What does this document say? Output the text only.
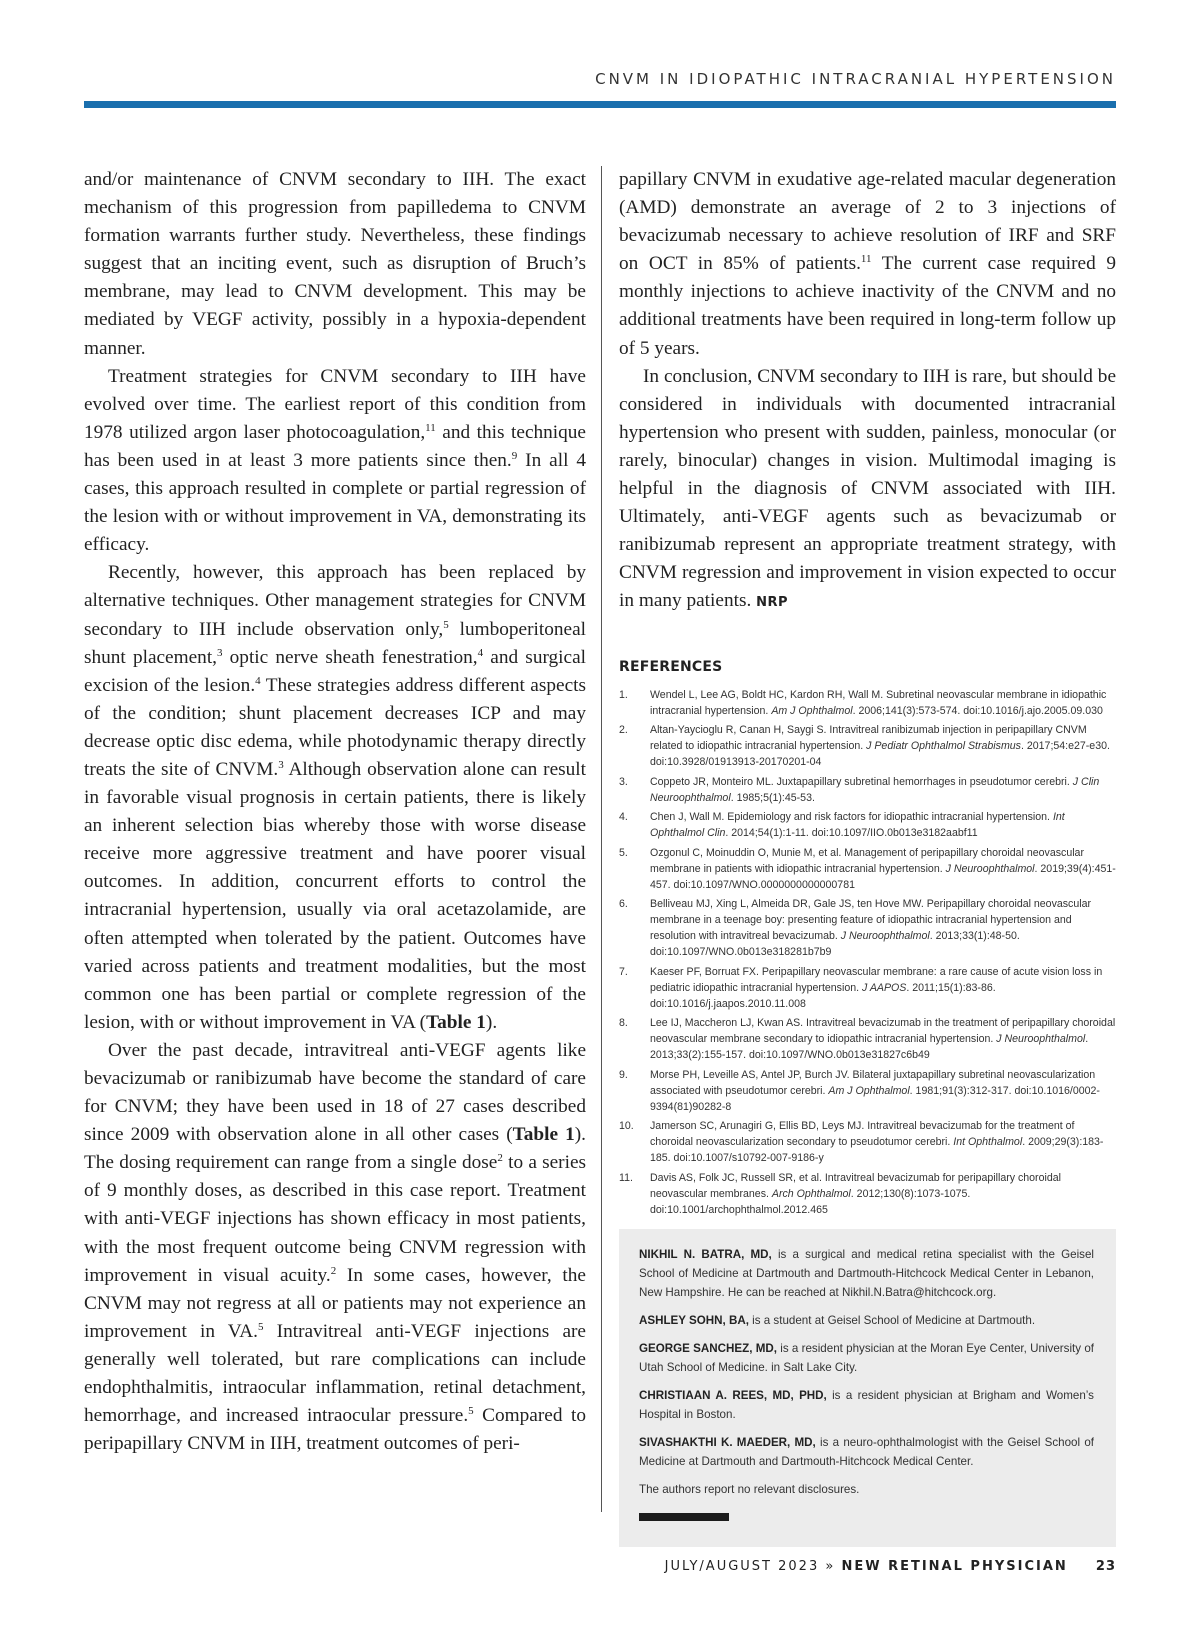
CNVM IN IDIOPATHIC INTRACRANIAL HYPERTENSION

and/or maintenance of CNVM secondary to IIH. The exact mechanism of this progression from papilledema to CNVM formation warrants further study. Nevertheless, these findings suggest that an inciting event, such as disruption of Bruch’s membrane, may lead to CNVM development. This may be mediated by VEGF activity, possibly in a hypoxia-dependent manner.

Treatment strategies for CNVM secondary to IIH have evolved over time. The earliest report of this condition from 1978 utilized argon laser photocoagulation,$^{11}$ and this technique has been used in at least 3 more patients since then.$^9$ In all 4 cases, this approach resulted in complete or partial regression of the lesion with or without improvement in VA, demonstrating its efficacy.

Recently, however, this approach has been replaced by alternative techniques. Other management strategies for CNVM secondary to IIH include observation only,$^5$ lumboperitoneal shunt placement,$^3$ optic nerve sheath fenestration,$^4$ and surgical excision of the lesion.$^4$ These strategies address different aspects of the condition; shunt placement decreases ICP and may decrease optic disc edema, while photodynamic therapy directly treats the site of CNVM.$^3$ Although observation alone can result in favorable visual prognosis in certain patients, there is likely an inherent selection bias whereby those with worse disease receive more aggressive treatment and have poorer visual outcomes. In addition, concurrent efforts to control the intracranial hypertension, usually via oral acetazolamide, are often attempted when tolerated by the patient. Outcomes have varied across patients and treatment modalities, but the most common one has been partial or complete regression of the lesion, with or without improvement in VA (Table 1).

Over the past decade, intravitreal anti-VEGF agents like bevacizumab or ranibizumab have become the standard of care for CNVM; they have been used in 18 of 27 cases described since 2009 with observation alone in all other cases (Table 1). The dosing requirement can range from a single dose$^2$ to a series of 9 monthly doses, as described in this case report. Treatment with anti-VEGF injections has shown efficacy in most patients, with the most frequent outcome being CNVM regression with improvement in visual acuity.$^2$ In some cases, however, the CNVM may not regress at all or patients may not experience an improvement in VA.$^5$ Intravitreal anti-VEGF injections are generally well tolerated, but rare complications can include endophthalmitis, intraocular inflammation, retinal detachment, hemorrhage, and increased intraocular pressure.$^5$ Compared to peripapillary CNVM in IIH, treatment outcomes of peri-

papillary CNVM in exudative age-related macular degeneration (AMD) demonstrate an average of 2 to 3 injections of bevacizumab necessary to achieve resolution of IRF and SRF on OCT in 85% of patients.$^{11}$ The current case required 9 monthly injections to achieve inactivity of the CNVM and no additional treatments have been required in long-term follow up of 5 years.

In conclusion, CNVM secondary to IIH is rare, but should be considered in individuals with documented intracranial hypertension who present with sudden, painless, monocular (or rarely, binocular) changes in vision. Multimodal imaging is helpful in the diagnosis of CNVM associated with IIH. Ultimately, anti-VEGF agents such as bevacizumab or ranibizumab represent an appropriate treatment strategy, with CNVM regression and improvement in vision expected to occur in many patients. NRP

REFERENCES
1. Wendel L, Lee AG, Boldt HC, Kardon RH, Wall M. Subretinal neovascular membrane in idiopathic intracranial hypertension. Am J Ophthalmol. 2006;141(3):573-574. doi:10.1016/j.ajo.2005.09.030
2. Altan-Yaycioglu R, Canan H, Saygi S. Intravitreal ranibizumab injection in peripapillary CNVM related to idiopathic intracranial hypertension. J Pediatr Ophthalmol Strabismus. 2017;54:e27-e30. doi:10.3928/01913913-20170201-04
3. Coppeto JR, Monteiro ML. Juxtapapillary subretinal hemorrhages in pseudotumor cerebri. J Clin Neuroophthalmol. 1985;5(1):45-53.
4. Chen J, Wall M. Epidemiology and risk factors for idiopathic intracranial hypertension. Int Ophthalmol Clin. 2014;54(1):1-11. doi:10.1097/IIO.0b013e3182aabf11
5. Ozgonul C, Moinuddin O, Munie M, et al. Management of peripapillary choroidal neovascular membrane in patients with idiopathic intracranial hypertension. J Neuroophthalmol. 2019;39(4):451-457. doi:10.1097/WNO.0000000000000781
6. Belliveau MJ, Xing L, Almeida DR, Gale JS, ten Hove MW. Peripapillary choroidal neovascular membrane in a teenage boy: presenting feature of idiopathic intracranial hypertension and resolution with intravitreal bevacizumab. J Neuroophthalmol. 2013;33(1):48-50. doi:10.1097/WNO.0b013e318281b7b9
7. Kaeser PF, Borruat FX. Peripapillary neovascular membrane: a rare cause of acute vision loss in pediatric idiopathic intracranial hypertension. J AAPOS. 2011;15(1):83-86. doi:10.1016/j.jaapos.2010.11.008
8. Lee IJ, Maccheron LJ, Kwan AS. Intravitreal bevacizumab in the treatment of peripapillary choroidal neovascular membrane secondary to idiopathic intracranial hypertension. J Neuroophthalmol. 2013;33(2):155-157. doi:10.1097/WNO.0b013e31827c6b49
9. Morse PH, Leveille AS, Antel JP, Burch JV. Bilateral juxtapapillary subretinal neovascularization associated with pseudotumor cerebri. Am J Ophthalmol. 1981;91(3):312-317. doi:10.1016/0002-9394(81)90282-8
10. Jamerson SC, Arunagiri G, Ellis BD, Leys MJ. Intravitreal bevacizumab for the treatment of choroidal neovascularization secondary to pseudotumor cerebri. Int Ophthalmol. 2009;29(3):183-185. doi:10.1007/s10792-007-9186-y
11. Davis AS, Folk JC, Russell SR, et al. Intravitreal bevacizumab for peripapillary choroidal neovascular membranes. Arch Ophthalmol. 2012;130(8):1073-1075. doi:10.1001/archophthalmol.2012.465

NIKHIL N. BATRA, MD, is a surgical and medical retina specialist with the Geisel School of Medicine at Dartmouth and Dartmouth-Hitchcock Medical Center in Lebanon, New Hampshire. He can be reached at Nikhil.N.Batra@hitchcock.org.

ASHLEY SOHN, BA, is a student at Geisel School of Medicine at Dartmouth.

GEORGE SANCHEZ, MD, is a resident physician at the Moran Eye Center, University of Utah School of Medicine. in Salt Lake City.

CHRISTIAAN A. REES, MD, PHD, is a resident physician at Brigham and Women’s Hospital in Boston.

SIVASHAKTHI K. MAEDER, MD, is a neuro-ophthalmologist with the Geisel School of Medicine at Dartmouth and Dartmouth-Hitchcock Medical Center.

The authors report no relevant disclosures.

JULY/AUGUST 2023 » NEW RETINAL PHYSICIAN 23
